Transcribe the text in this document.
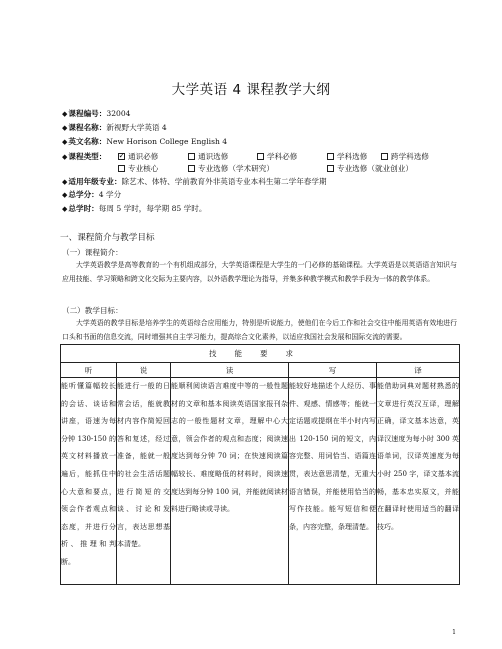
大学英语 4 课程教学大纲
◆课程编号：32004
◆课程名称：新视野大学英语 4
◆英文名称：New Horison College English 4
◆课程类型： ✓	通识必修	通识选修	学科必修	学科选修	跨学科选修
专业核心	专业选修（学术研究）	专业选修（就业创业）
◆适用年级专业：除艺术、体特、学前教育外非英语专业本科生第二学年春学期
◆总学分：4 学分
◆总学时：每周 5 学时，每学期 85 学时。
一、课程简介与教学目标
（一）课程简介：
大学英语教学是高等教育的一个有机组成部分，大学英语课程是大学生的一门必修的基础课程。大学英语是以英语语言知识与应用技能、学习策略和跨文化交际为主要内容，以外语教学理论为指导，并集多种教学模式和教学手段为一体的教学体系。
（二）教学目标：
大学英语的教学目标是培养学生的英语综合应用能力，特别是听说能力，使他们在今后工作和社会交往中能用英语有效地进行口头和书面的信息交流，同时增强其自主学习能力，提高综合文化素养，以适应我国社会发展和国际交流的需要。
技能要求				
听	说	读	写	译
能听懂篇幅较长的会话、谈话和讲座，语速为每分钟 130-150 的英文材料播放一遍后，能抓住中心大意和要点，领会作者观点和态度，并进行分析、推理和判断。	能进行一般的日常会话，能就教材内容作简短回答和复述，经过准备，能就一般的社会生活话题进行简短的交谈、讨论和发言，表达思想基本清楚。	能顺利阅读语言难度中等的一般性题材的文章和基本阅读英语国家报刊杂志的一般性题材文章，理解中心大意，领会作者的观点和态度；阅读速度达到每分钟 70 词；在快速阅读篇幅较长、难度略低的材料时，阅读速度达到每分钟 100 词，并能就阅读材料进行略读或寻读。	能较好地描述个人经历、事件、观感、情感等；能就一定话题或提纲在半小时内写出 120-150 词的短文，内容完整、用词恰当、语篇连贯，表达意思清楚，无重大语言错误，并能使用恰当的写作技能。能写短信和便条，内容完整，条理清楚。	能借助词典对题材熟悉的文章进行英汉互译，理解正确，译文基本达意，英译汉速度为每小时 300 英语单词，汉译英速度为每小时 250 字，译文基本流畅，基本忠实原文，并能在翻译时使用适当的翻译技巧。
1
